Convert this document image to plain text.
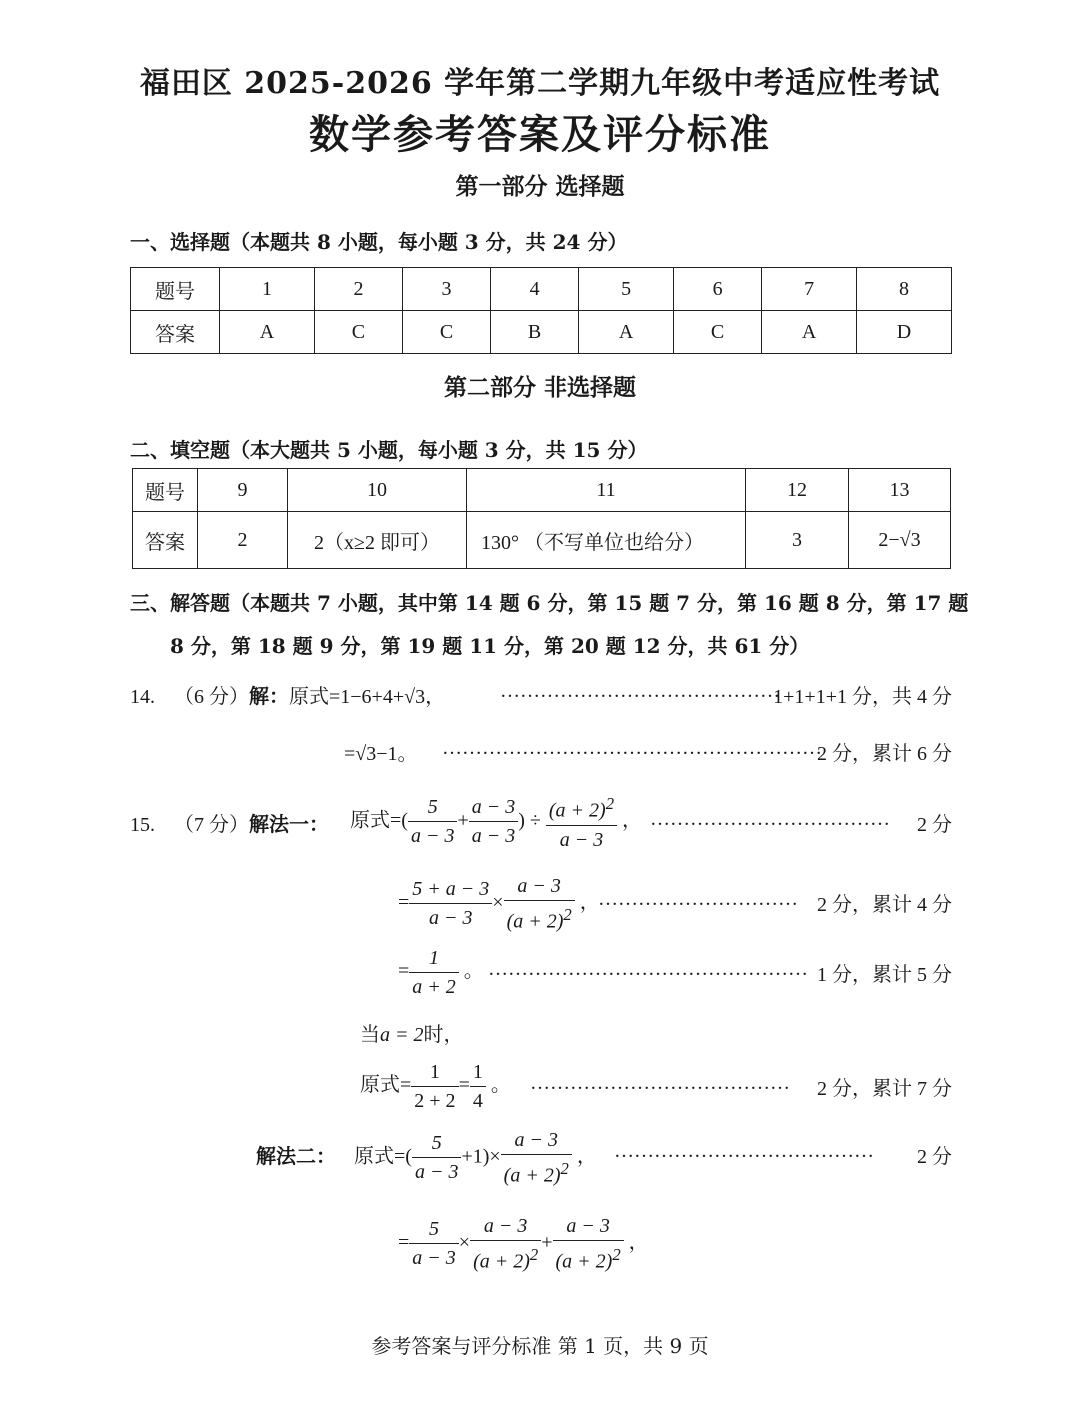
福田区 2025-2026 学年第二学期九年级中考适应性考试
数学参考答案及评分标准
第一部分 选择题
一、选择题（本题共 8 小题，每小题 3 分，共 24 分）
题号	1	2	3	4	5	6	7	8
答案	A	C	C	B	A	C	A	D
第二部分 非选择题
二、填空题（本大题共 5 小题，每小题 3 分，共 15 分）
题号	9	10	11	12	13
答案	2	2（x≥2 即可）	130° （不写单位也给分）	3	2−√3
三、解答题（本题共 7 小题，其中第 14 题 6 分，第 15 题 7 分，第 16 题 8 分，第 17 题
8 分，第 18 题 9 分，第 19 题 11 分，第 20 题 12 分，共 61 分）
14. （6 分）解：原式=1−6+4+√3，	……………………………………
1+1+1+1 分，共 4 分
=√3−1。 …………………………………………………
2 分，累计 6 分
15. （7 分）解法一： 原式=( $\frac{5}{a - 3} + \frac{a - 3}{a - 3}$ ) ÷ $\frac{(a + 2)^2}{a - 3}$ ， ……………………………… 2 分
= $\frac{5 + a - 3}{a - 3} \times \frac{a - 3}{(a + 2)^2}$ ，
………………………… 2 分，累计 4 分
= $\frac{1}{a + 2}$ 。 ………………………………………… 1 分，累计 5 分
当a = 2时，
原式= $\frac{1}{2 + 2} = \frac{1}{4}$ 。 ………………………………… 2 分，累计 7 分
解法二： 原式=( $\frac{5}{a - 3} +1)\times \frac{a - 3}{(a + 2)^2}$ ， ………………………………… 2 分
= $\frac{5}{a - 3} \times \frac{a - 3}{(a + 2)^2} + \frac{a - 3}{(a + 2)^2}$ ，
参考答案与评分标准 第 1 页，共 9 页
